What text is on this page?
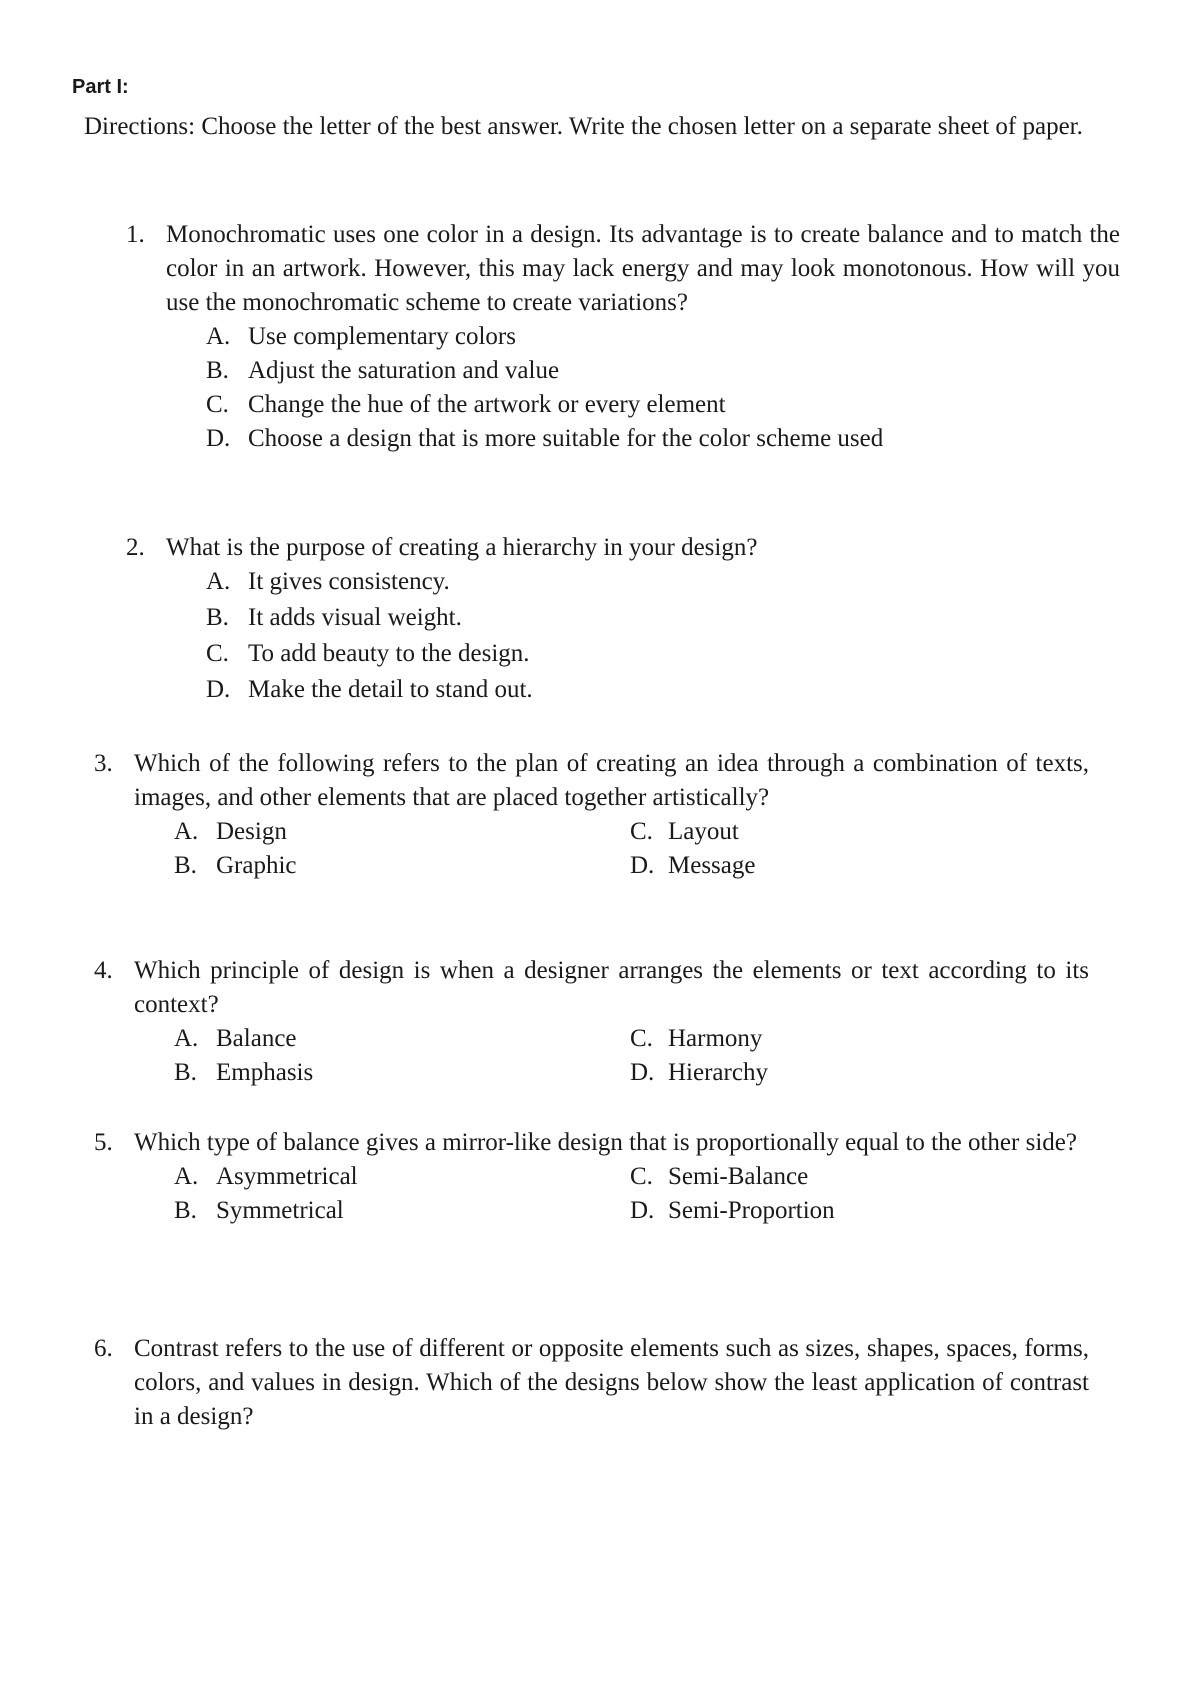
Part I:
Directions: Choose the letter of the best answer. Write the chosen letter on a separate sheet of paper.
1. Monochromatic uses one color in a design. Its advantage is to create balance and to match the color in an artwork. However, this may lack energy and may look monotonous. How will you use the monochromatic scheme to create variations?
A. Use complementary colors
B. Adjust the saturation and value
C. Change the hue of the artwork or every element
D. Choose a design that is more suitable for the color scheme used
2. What is the purpose of creating a hierarchy in your design?
A. It gives consistency.
B. It adds visual weight.
C. To add beauty to the design.
D. Make the detail to stand out.
3. Which of the following refers to the plan of creating an idea through a combination of texts, images, and other elements that are placed together artistically?
A. Design
B. Graphic
C. Layout
D. Message
4. Which principle of design is when a designer arranges the elements or text according to its context?
A. Balance
B. Emphasis
C. Harmony
D. Hierarchy
5. Which type of balance gives a mirror-like design that is proportionally equal to the other side?
A. Asymmetrical
B. Symmetrical
C. Semi-Balance
D. Semi-Proportion
6. Contrast refers to the use of different or opposite elements such as sizes, shapes, spaces, forms, colors, and values in design. Which of the designs below show the least application of contrast in a design?
